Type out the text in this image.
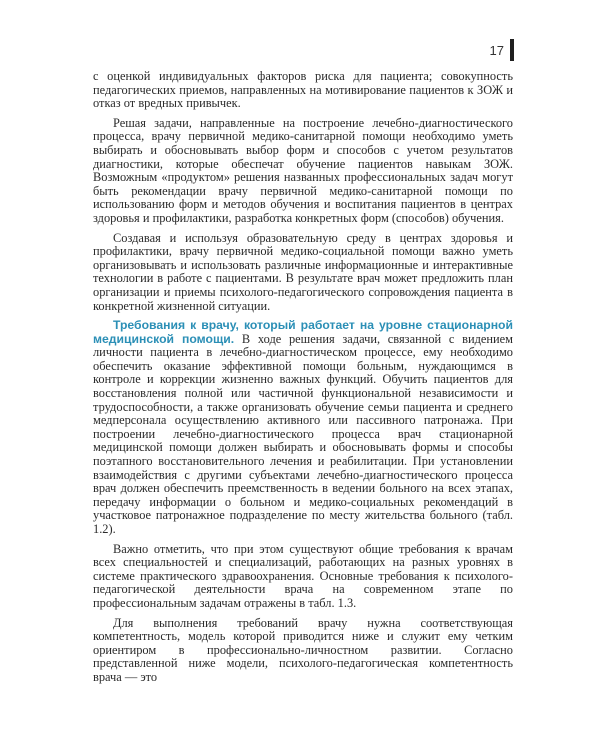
17

с оценкой индивидуальных факторов риска для пациента; совокупность педагогических приемов, направленных на мотивирование пациентов к ЗОЖ и отказ от вредных привычек.

Решая задачи, направленные на построение лечебно-диагностического процесса, врачу первичной медико-санитарной помощи необходимо уметь выбирать и обосновывать выбор форм и способов с учетом результатов диагностики, которые обеспечат обучение пациентов навыкам ЗОЖ. Возможным «продуктом» решения названных профессиональных задач могут быть рекомендации врачу первичной медико-санитарной помощи по использованию форм и методов обучения и воспитания пациентов в центрах здоровья и профилактики, разработка конкретных форм (способов) обучения.

Создавая и используя образовательную среду в центрах здоровья и профилактики, врачу первичной медико-социальной помощи важно уметь организовывать и использовать различные информационные и интерактивные технологии в работе с пациентами. В результате врач может предложить план организации и приемы психолого-педагогического сопровождения пациента в конкретной жизненной ситуации.

Требования к врачу, который работает на уровне стационарной медицинской помощи. В ходе решения задачи, связанной с видением личности пациента в лечебно-диагностическом процессе, ему необходимо обеспечить оказание эффективной помощи больным, нуждающимся в контроле и коррекции жизненно важных функций. Обучить пациентов для восстановления полной или частичной функциональной независимости и трудоспособности, а также организовать обучение семьи пациента и среднего медперсонала осуществлению активного или пассивного патронажа. При построении лечебно-диагностического процесса врач стационарной медицинской помощи должен выбирать и обосновывать формы и способы поэтапного восстановительного лечения и реабилитации. При установлении взаимодействия с другими субъектами лечебно-диагностического процесса врач должен обеспечить преемственность в ведении больного на всех этапах, передачу информации о больном и медико-социальных рекомендаций в участковое патронажное подразделение по месту жительства больного (табл. 1.2).

Важно отметить, что при этом существуют общие требования к врачам всех специальностей и специализаций, работающих на разных уровнях в системе практического здравоохранения. Основные требования к психолого-педагогической деятельности врача на современном этапе по профессиональным задачам отражены в табл. 1.3.

Для выполнения требований врачу нужна соответствующая компетентность, модель которой приводится ниже и служит ему четким ориентиром в профессионально-личностном развитии. Согласно представленной ниже модели, психолого-педагогическая компетентность врача — это
